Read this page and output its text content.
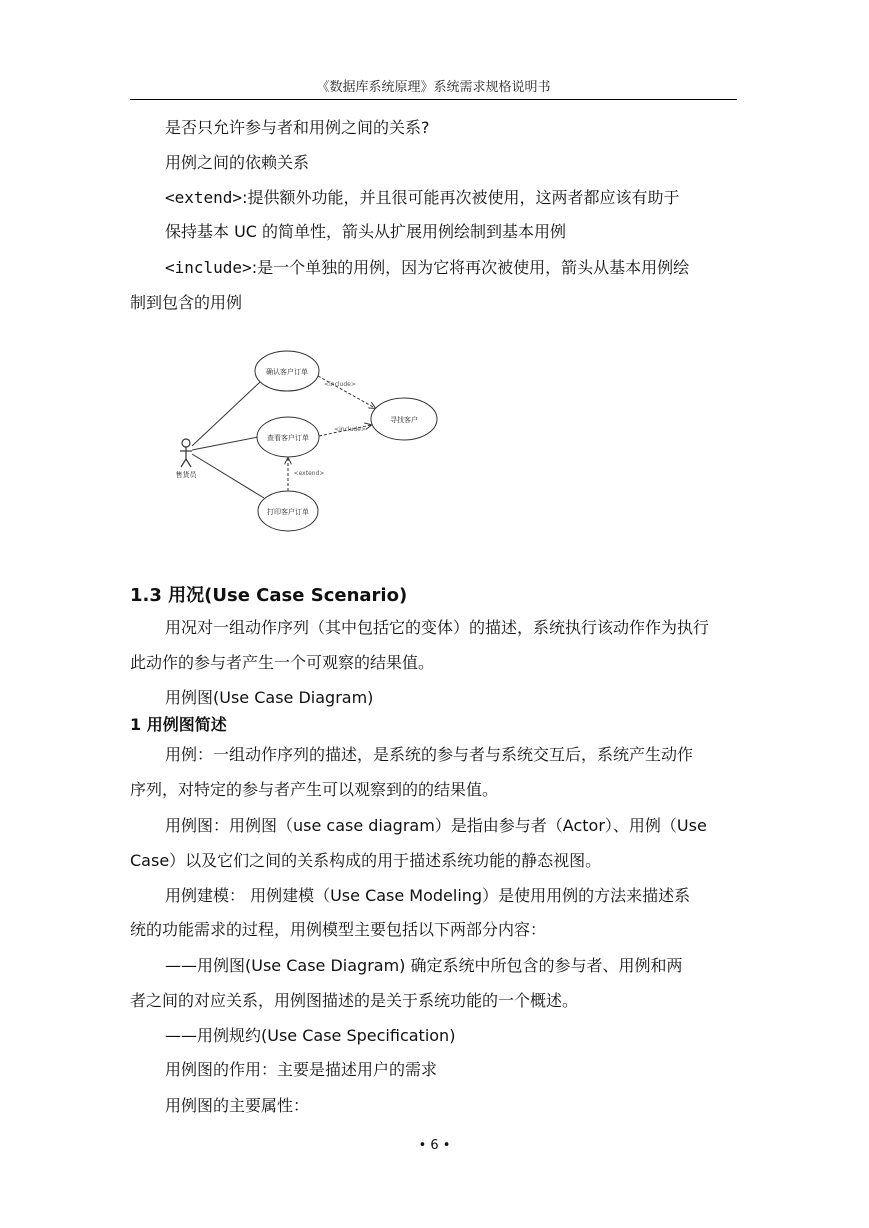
《数据库系统原理》系统需求规格说明书
是否只允许参与者和用例之间的关系?
用例之间的依赖关系
<extend>:提供额外功能，并且很可能再次被使用，这两者都应该有助于
保持基本 UC 的简单性，箭头从扩展用例绘制到基本用例
<include>:是一个单独的用例，因为它将再次被使用，箭头从基本用例绘
制到包含的用例
售货员
确认客户订单
查看客户订单
打印客户订单
寻找客户
<include>
<include>
<extend>
1.3 用况(Use Case Scenario)
用况对一组动作序列（其中包括它的变体）的描述，系统执行该动作作为执行
此动作的参与者产生一个可观察的结果值。
用例图(Use Case Diagram)
1 用例图简述
用例：一组动作序列的描述，是系统的参与者与系统交互后，系统产生动作
序列，对特定的参与者产生可以观察到的的结果值。
用例图：用例图（use case diagram）是指由参与者（Actor）、用例（Use
Case）以及它们之间的关系构成的用于描述系统功能的静态视图。
用例建模： 用例建模（Use Case Modeling）是使用用例的方法来描述系
统的功能需求的过程，用例模型主要包括以下两部分内容：
——用例图(Use Case Diagram) 确定系统中所包含的参与者、用例和两
者之间的对应关系，用例图描述的是关于系统功能的一个概述。
——用例规约(Use Case Specification)
用例图的作用：主要是描述用户的需求
用例图的主要属性：
• 6 •
